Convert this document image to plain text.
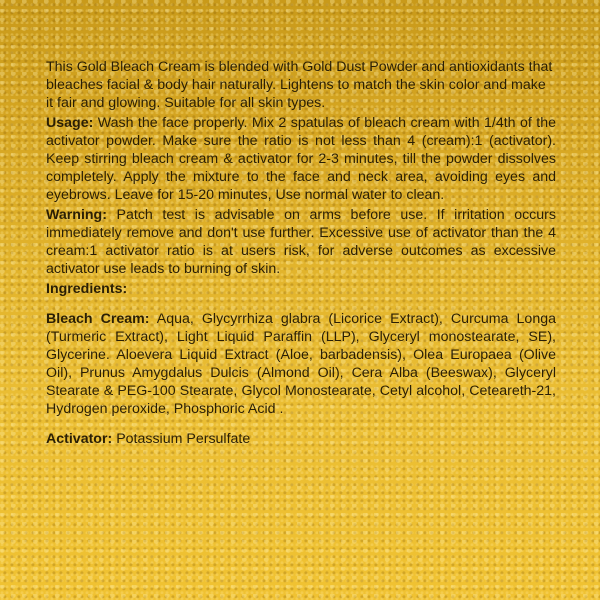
This Gold Bleach Cream is blended with Gold Dust Powder and antioxidants that bleaches facial & body hair naturally. Lightens to match the skin color and make it fair and glowing. Suitable for all skin types.

Usage: Wash the face properly. Mix 2 spatulas of bleach cream with 1/4th of the activator powder. Make sure the ratio is not less than 4 (cream):1 (activator). Keep stirring bleach cream & activator for 2-3 minutes, till the powder dissolves completely. Apply the mixture to the face and neck area, avoiding eyes and eyebrows. Leave for 15-20 minutes, Use normal water to clean.

Warning: Patch test is advisable on arms before use. If irritation occurs immediately remove and don't use further. Excessive use of activator than the 4 cream:1 activator ratio is at users risk, for adverse outcomes as excessive activator use leads to burning of skin.

Ingredients:

Bleach Cream: Aqua, Glycyrrhiza glabra (Licorice Extract), Curcuma Longa (Turmeric Extract), Light Liquid Paraffin (LLP), Glyceryl monostearate, SE), Glycerine. Aloevera Liquid Extract (Aloe, barbadensis), Olea Europaea (Olive Oil), Prunus Amygdalus Dulcis (Almond Oil), Cera Alba (Beeswax), Glyceryl Stearate & PEG-100 Stearate, Glycol Monostearate, Cetyl alcohol, Ceteareth-21, Hydrogen peroxide, Phosphoric Acid .

Activator: Potassium Persulfate
